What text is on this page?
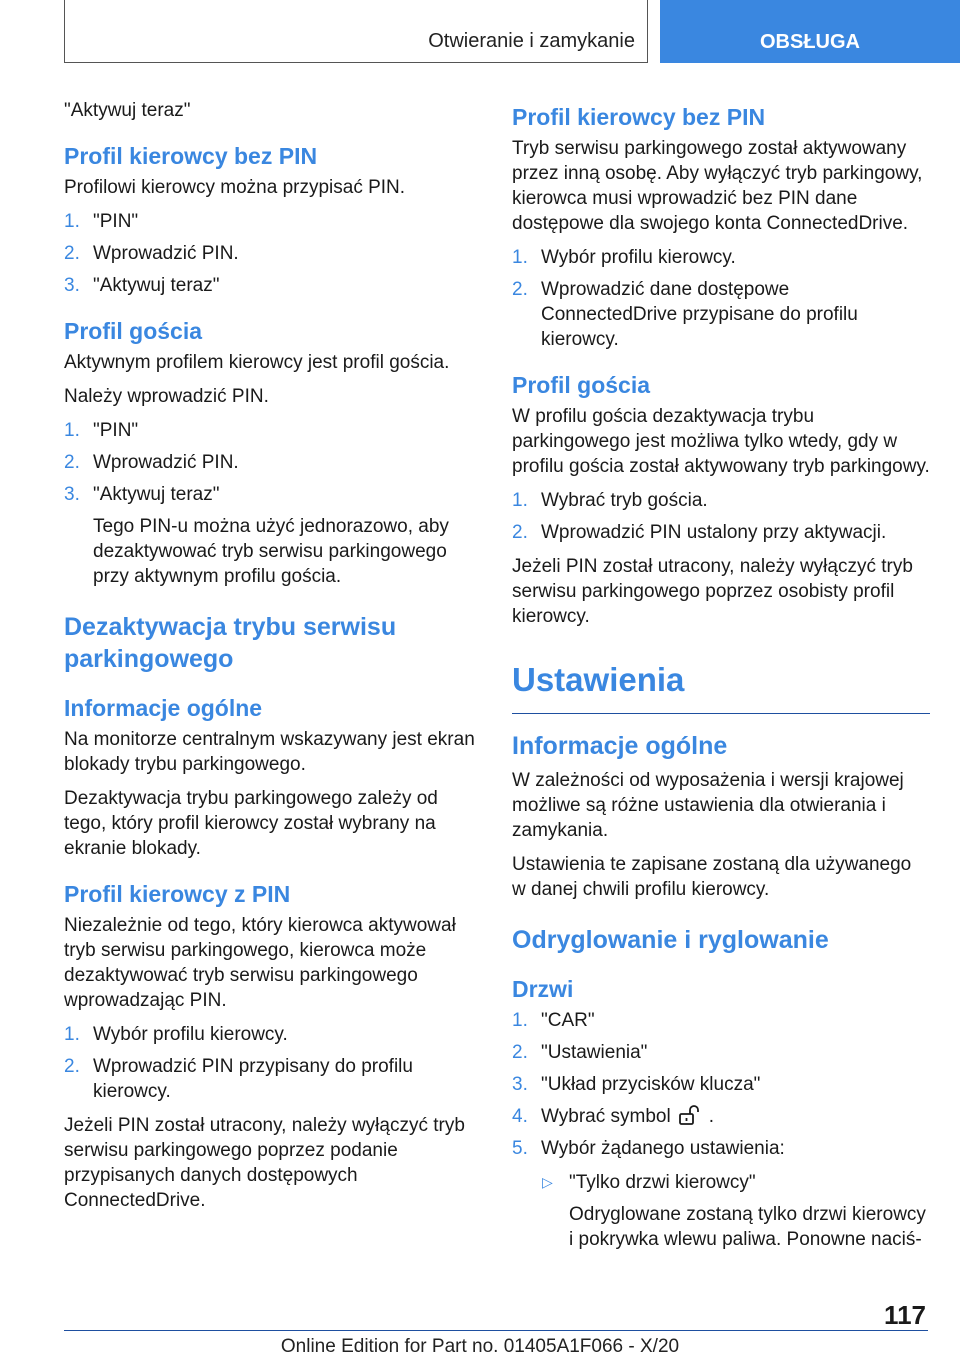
Otwieranie i zamykanie	OBSŁUGA

"Aktywuj teraz"

Profil kierowcy bez PIN

Profilowi kierowcy można przypisać PIN.

1. "PIN"
2. Wprowadzić PIN.
3. "Aktywuj teraz"
Profil gościa

Aktywnym profilem kierowcy jest profil gościa.

Należy wprowadzić PIN.

1. "PIN"
2. Wprowadzić PIN.
3. "Aktywuj teraz"
Tego PIN-u można użyć jednorazowo, aby dezaktywować tryb serwisu parkingowego przy aktywnym profilu gościa.
Dezaktywacja trybu serwisu parkingowego
Informacje ogólne

Na monitorze centralnym wskazywany jest ekran blokady trybu parkingowego.

Dezaktywacja trybu parkingowego zależy od tego, który profil kierowcy został wybrany na ekranie blokady.

Profil kierowcy z PIN

Niezależnie od tego, który kierowca aktywował tryb serwisu parkingowego, kierowca może dezaktywować tryb serwisu parkingowego wprowadzając PIN.

1. Wybór profilu kierowcy.
2. Wprowadzić PIN przypisany do profilu kierowcy.

Jeżeli PIN został utracony, należy wyłączyć tryb serwisu parkingowego poprzez podanie przypisanych danych dostępowych ConnectedDrive.

Profil kierowcy bez PIN

Tryb serwisu parkingowego został aktywowany przez inną osobę. Aby wyłączyć tryb parkingowy, kierowca musi wprowadzić bez PIN dane dostępowe dla swojego konta ConnectedDrive.

1. Wybór profilu kierowcy.
2. Wprowadzić dane dostępowe ConnectedDrive przypisane do profilu kierowcy.
Profil gościa

W profilu gościa dezaktywacja trybu parkingowego jest możliwa tylko wtedy, gdy w profilu gościa został aktywowany tryb parkingowy.

1. Wybrać tryb gościa.
2. Wprowadzić PIN ustalony przy aktywacji.

Jeżeli PIN został utracony, należy wyłączyć tryb serwisu parkingowego poprzez osobisty profil kierowcy.

Ustawienia
Informacje ogólne

W zależności od wyposażenia i wersji krajowej możliwe są różne ustawienia dla otwierania i zamykania.

Ustawienia te zapisane zostaną dla używanego w danej chwili profilu kierowcy.

Odryglowanie i ryglowanie
Drzwi
1. "CAR"
2. "Ustawienia"
3. "Układ przycisków klucza"
4. Wybrać symbol .
5. Wybór żądanego ustawienia:
▷ "Tylko drzwi kierowcy"
Odryglowane zostaną tylko drzwi kierowcy i pokrywka wlewu paliwa. Ponowne naciś-
117
Online Edition for Part no. 01405A1F066 - X/20
